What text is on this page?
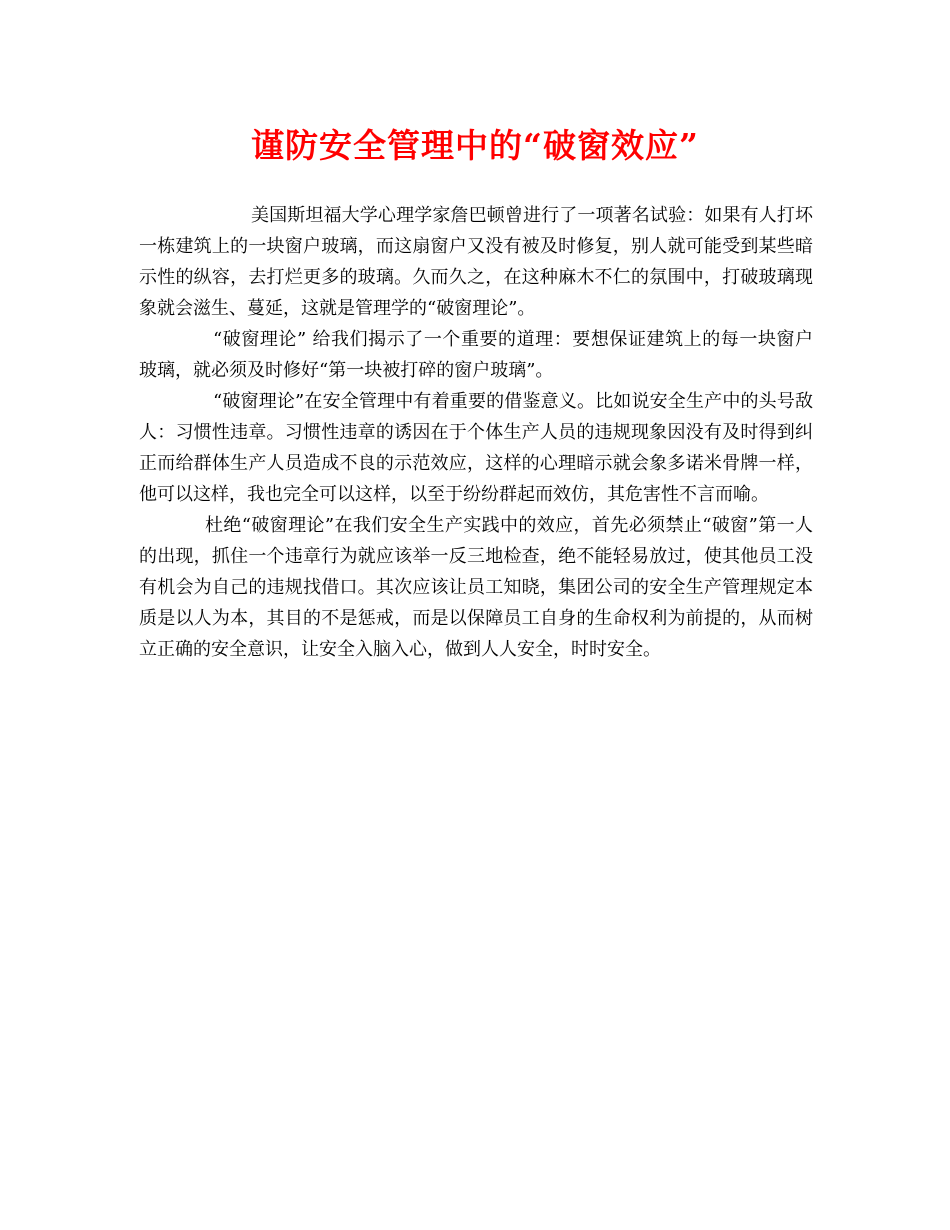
谨防安全管理中的“破窗效应”

美国斯坦福大学心理学家詹巴顿曾进行了一项著名试验：如果有人打坏一栋建筑上的一块窗户玻璃，而这扇窗户又没有被及时修复，别人就可能受到某些暗示性的纵容，去打烂更多的玻璃。久而久之，在这种麻木不仁的氛围中，打破玻璃现象就会滋生、蔓延，这就是管理学的“破窗理论”。

“破窗理论” 给我们揭示了一个重要的道理：要想保证建筑上的每一块窗户玻璃，就必须及时修好“第一块被打碎的窗户玻璃”。

“破窗理论”在安全管理中有着重要的借鉴意义。比如说安全生产中的头号敌人：习惯性违章。习惯性违章的诱因在于个体生产人员的违规现象因没有及时得到纠正而给群体生产人员造成不良的示范效应，这样的心理暗示就会象多诺米骨牌一样，他可以这样，我也完全可以这样，以至于纷纷群起而效仿，其危害性不言而喻。

杜绝“破窗理论”在我们安全生产实践中的效应，首先必须禁止“破窗”第一人的出现，抓住一个违章行为就应该举一反三地检查，绝不能轻易放过，使其他员工没有机会为自己的违规找借口。其次应该让员工知晓，集团公司的安全生产管理规定本质是以人为本，其目的不是惩戒，而是以保障员工自身的生命权利为前提的，从而树立正确的安全意识，让安全入脑入心，做到人人安全，时时安全。
